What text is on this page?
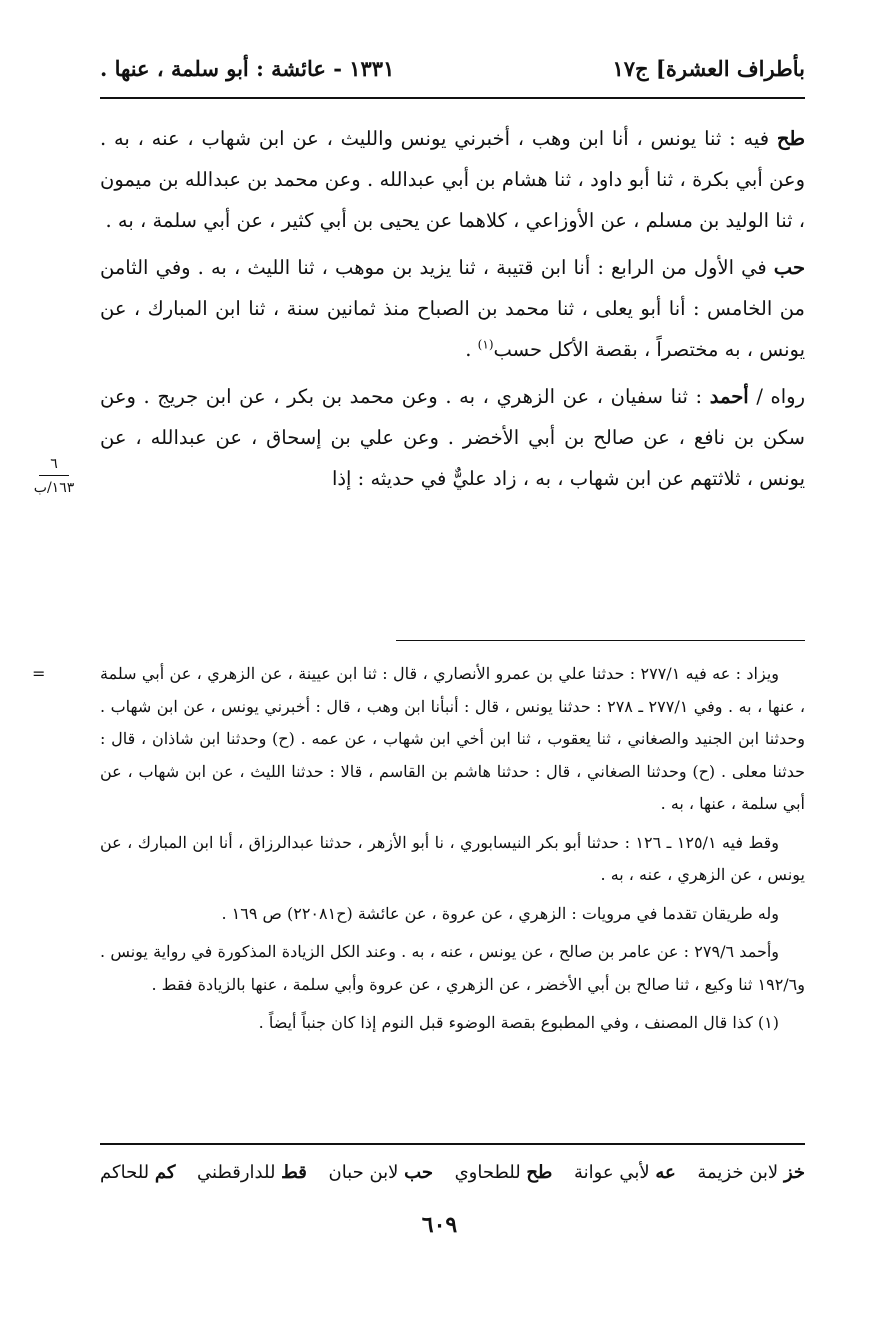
بأطراف العشرة] ج١٧
١٣٣١ - عائشة : أبو سلمة ، عنها .

طح فيه : ثنا يونس ، أنا ابن وهب ، أخبرني يونس والليث ، عن ابن شهاب ، عنه ، به . وعن أبي بكرة ، ثنا أبو داود ، ثنا هشام بن أبي عبدالله . وعن محمد بن عبدالله بن ميمون ، ثنا الوليد بن مسلم ، عن الأوزاعي ، كلاهما عن يحيى بن أبي كثير ، عن أبي سلمة ، به .

حب في الأول من الرابع : أنا ابن قتيبة ، ثنا يزيد بن موهب ، ثنا الليث ، به . وفي الثامن من الخامس : أنا أبو يعلى ، ثنا محمد بن الصباح منذ ثمانين سنة ، ثنا ابن المبارك ، عن يونس ، به مختصراً ، بقصة الأكل حسب$^{(١)}$ .

رواه / أحمد : ثنا سفيان ، عن الزهري ، به . وعن محمد بن بكر ، عن ابن جريج . وعن سكن بن نافع ، عن صالح بن أبي الأخضر . وعن علي بن إسحاق ، عن عبدالله ، عن يونس ، ثلاثتهم عن ابن شهاب ، به ، زاد عليٌّ في حديثه : إذا

٦
١٦٣/ب
=	ويزاد : عه فيه ٢٧٧/١ : حدثنا علي بن عمرو الأنصاري ، قال : ثنا ابن عيينة ، عن الزهري ، عن أبي سلمة ، عنها ، به . وفي ٢٧٧/١ ـ ٢٧٨ : حدثنا يونس ، قال : أنبأنا ابن وهب ، قال : أخبرني يونس ، عن ابن شهاب . وحدثنا ابن الجنيد والصغاني ، ثنا يعقوب ، ثنا ابن أخي ابن شهاب ، عن عمه . (ح) وحدثنا ابن شاذان ، قال : حدثنا معلى . (ح) وحدثنا الصغاني ، قال : حدثنا هاشم بن القاسم ، قالا : حدثنا الليث ، عن ابن شهاب ، عن أبي سلمة ، عنها ، به .

وقط فيه ١٢٥/١ ـ ١٢٦ : حدثنا أبو بكر النيسابوري ، نا أبو الأزهر ، حدثنا عبدالرزاق ، أنا ابن المبارك ، عن يونس ، عن الزهري ، عنه ، به .

وله طريقان تقدما في مرويات : الزهري ، عن عروة ، عن عائشة (ح٢٢٠٨١) ص ١٦٩ .

وأحمد ٢٧٩/٦ : عن عامر بن صالح ، عن يونس ، عنه ، به . وعند الكل الزيادة المذكورة في رواية يونس . و١٩٢/٦ ثنا وكيع ، ثنا صالح بن أبي الأخضر ، عن الزهري ، عن عروة وأبي سلمة ، عنها بالزيادة فقط .

(١) كذا قال المصنف ، وفي المطبوع بقصة الوضوء قبل النوم إذا كان جنباً أيضاً .

خز لابن خزيمة
عه لأبي عوانة
طح للطحاوي
حب لابن حبان
قط للدارقطني
كم للحاكم
٦٠٩
